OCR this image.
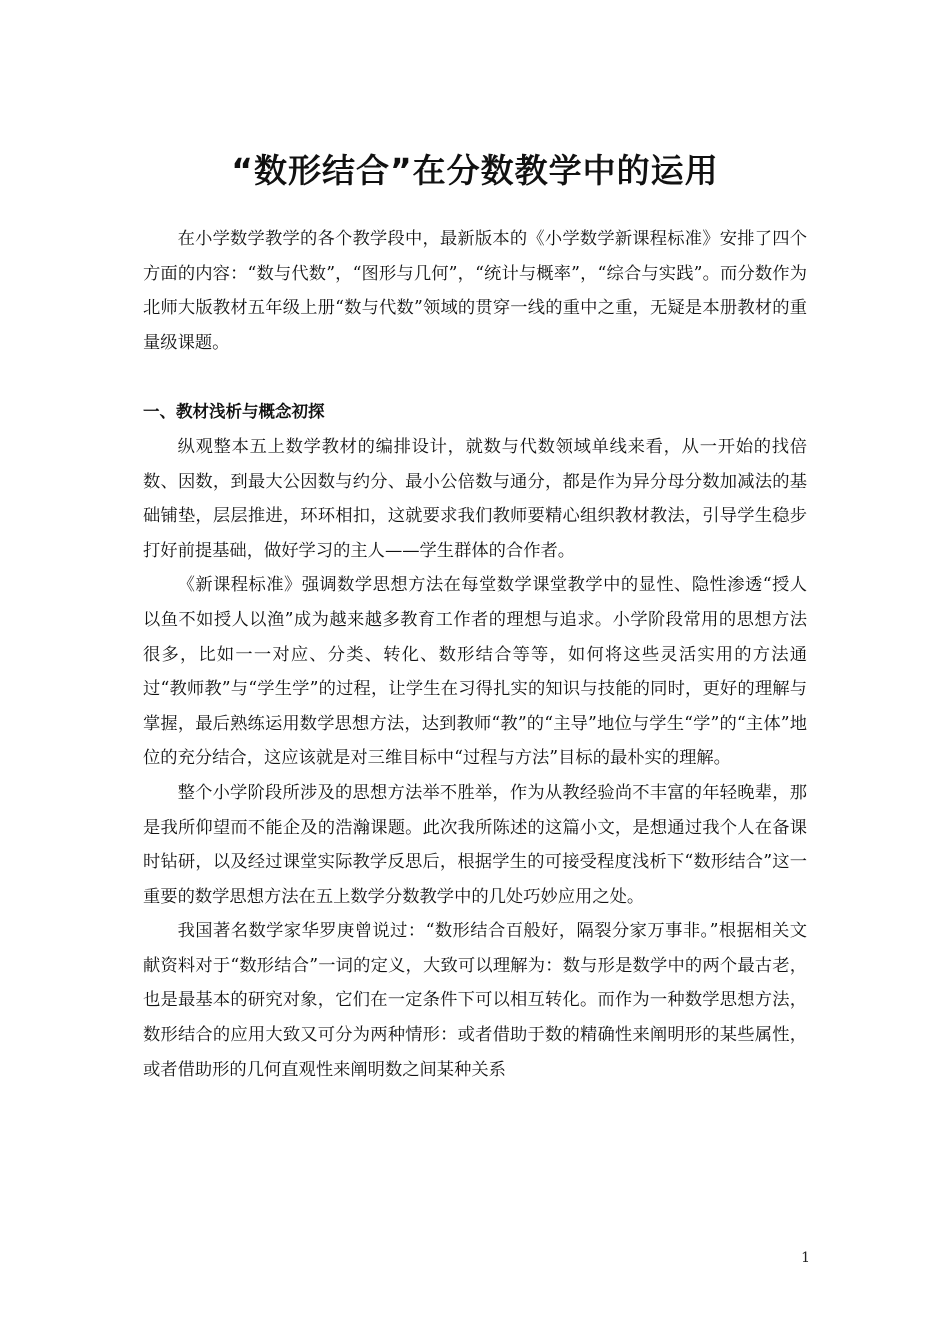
“数形结合”在分数教学中的运用

在小学数学教学的各个教学段中，最新版本的《小学数学新课程标准》安排了四个方面的内容：“数与代数”，“图形与几何”，“统计与概率”，“综合与实践”。而分数作为北师大版教材五年级上册“数与代数”领域的贯穿一线的重中之重，无疑是本册教材的重量级课题。

一、教材浅析与概念初探

纵观整本五上数学教材的编排设计，就数与代数领域单线来看，从一开始的找倍数、因数，到最大公因数与约分、最小公倍数与通分，都是作为异分母分数加减法的基础铺垫，层层推进，环环相扣，这就要求我们教师要精心组织教材教法，引导学生稳步打好前提基础，做好学习的主人——学生群体的合作者。

《新课程标准》强调数学思想方法在每堂数学课堂教学中的显性、隐性渗透“授人以鱼不如授人以渔”成为越来越多教育工作者的理想与追求。小学阶段常用的思想方法很多，比如一一对应、分类、转化、数形结合等等，如何将这些灵活实用的方法通过“教师教”与“学生学”的过程，让学生在习得扎实的知识与技能的同时，更好的理解与掌握，最后熟练运用数学思想方法，达到教师“教”的“主导”地位与学生“学”的“主体”地位的充分结合，这应该就是对三维目标中“过程与方法”目标的最朴实的理解。

整个小学阶段所涉及的思想方法举不胜举，作为从教经验尚不丰富的年轻晚辈，那是我所仰望而不能企及的浩瀚课题。此次我所陈述的这篇小文，是想通过我个人在备课时钻研，以及经过课堂实际教学反思后，根据学生的可接受程度浅析下“数形结合”这一重要的数学思想方法在五上数学分数教学中的几处巧妙应用之处。

我国著名数学家华罗庚曾说过：“数形结合百般好，隔裂分家万事非。”根据相关文献资料对于“数形结合”一词的定义，大致可以理解为：数与形是数学中的两个最古老，也是最基本的研究对象，它们在一定条件下可以相互转化。而作为一种数学思想方法，数形结合的应用大致又可分为两种情形：或者借助于数的精确性来阐明形的某些属性，或者借助形的几何直观性来阐明数之间某种关系

1
